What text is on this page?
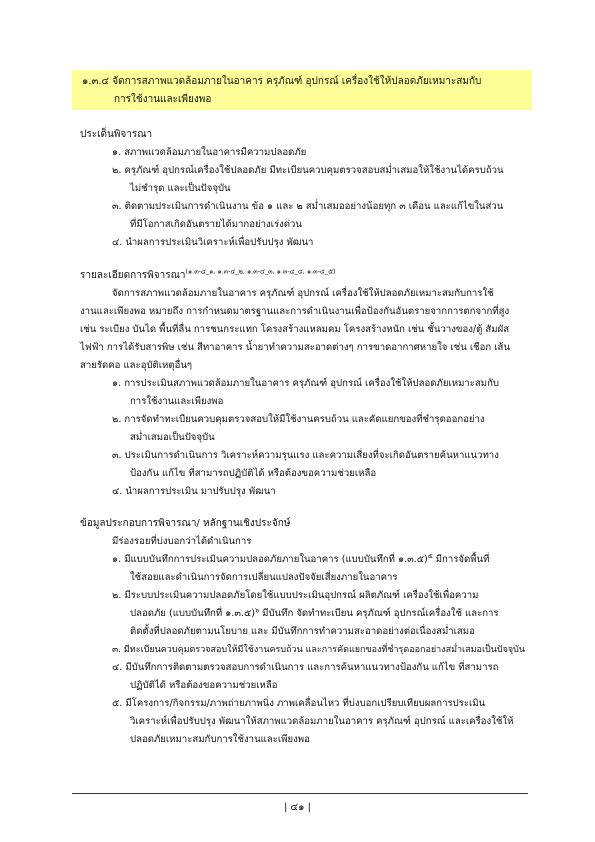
๑.๓.๔ จัดการสภาพแวดล้อมภายในอาคาร ครุภัณฑ์ อุปกรณ์ เครื่องใช้ให้ปลอดภัยเหมาะสมกับ
การใช้งานและเพียงพอ
ประเด็นพิจารณา
๑. สภาพแวดล้อมภายในอาคารมีความปลอดภัย
๒. ครุภัณฑ์ อุปกรณ์เครื่องใช้ปลอดภัย มีทะเบียนควบคุมตรวจสอบสม่ำเสมอให้ใช้งานได้ครบถ้วน
ไม่ชำรุด และเป็นปัจจุบัน
๓. ติดตามประเมินการดำเนินงาน ข้อ ๑ และ ๒ สม่ำเสมออย่างน้อยทุก ๓ เดือน และแก้ไขในส่วน
ที่มีโอกาสเกิดอันตรายได้มากอย่างเร่งด่วน
๔. นำผลการประเมินวิเคราะห์เพื่อปรับปรุง พัฒนา
รายละเอียดการพิจารณา$^{(๑.๓-๔\_๑, ๑.๓-๔\_๒, ๑.๓-๔\_๓, ๑.๓-๔\_๔, ๑.๓-๔\_๕)}$
จัดการสภาพแวดล้อมภายในอาคาร ครุภัณฑ์ อุปกรณ์ เครื่องใช้ให้ปลอดภัยเหมาะสมกับการใช้
งานและเพียงพอ หมายถึง การกำหนดมาตรฐานและการดำเนินงานเพื่อป้องกันอันตรายจากการตกจากที่สูง
เช่น ระเบียง บันได พื้นที่ลื่น การชนกระแทก โครงสร้างแหลมคม โครงสร้างหนัก เช่น ชั้นวางของ/ตู้ สัมผัส
ไฟฟ้า การได้รับสารพิษ เช่น สีทาอาคาร น้ำยาทำความสะอาดต่างๆ การขาดอากาศหายใจ เช่น เชือก เส้น
สายรัดคอ และอุบัติเหตุอื่นๆ
๑. การประเมินสภาพแวดล้อมภายในอาคาร ครุภัณฑ์ อุปกรณ์ เครื่องใช้ให้ปลอดภัยเหมาะสมกับ
การใช้งานและเพียงพอ
๒. การจัดทำทะเบียนควบคุมตรวจสอบให้มีใช้งานครบถ้วน และคัดแยกของที่ชำรุดออกอย่าง
สม่ำเสมอเป็นปัจจุบัน
๓. ประเมินการดำเนินการ วิเคราะห์ความรุนแรง และความเสี่ยงที่จะเกิดอันตรายค้นหาแนวทาง
ป้องกัน แก้ไข ที่สามารถปฏิบัติได้ หรือต้องขอความช่วยเหลือ
๔. นำผลการประเมิน มาปรับปรุง พัฒนา
ข้อมูลประกอบการพิจารณา/ หลักฐานเชิงประจักษ์
มีร่องรอยที่บ่งบอกว่าได้ดำเนินการ
๑. มีแบบบันทึกการประเมินความปลอดภัยภายในอาคาร (แบบบันทึกที่ ๑.๓.๕)$^๕$ มีการจัดพื้นที่
ใช้สอยและดำเนินการจัดการเปลี่ยนแปลงปัจจัยเสี่ยงภายในอาคาร
๒. มีระบบประเมินความปลอดภัยโดยใช้แบบประเมินอุปกรณ์ ผลิตภัณฑ์ เครื่องใช้เพื่อความ
ปลอดภัย (แบบบันทึกที่ ๑.๓.๕)$^๖$ มีบันทึก จัดทำทะเบียน ครุภัณฑ์ อุปกรณ์เครื่องใช้ และการ
ติดตั้งที่ปลอดภัยตามนโยบาย และ มีบันทึกการทำความสะอาดอย่างต่อเนื่องสม่ำเสมอ
๓. มีทะเบียนควบคุมตรวจสอบให้มีใช้งานครบถ้วน และการคัดแยกของที่ชำรุดออกอย่างสม่ำเสมอเป็นปัจจุบัน
๔. มีบันทึกการติดตามตรวจสอบการดำเนินการ และการค้นหาแนวทางป้องกัน แก้ไข ที่สามารถ
ปฏิบัติได้ หรือต้องขอความช่วยเหลือ
๕. มีโครงการ/กิจกรรม/ภาพถ่ายภาพนิ่ง ภาพเคลื่อนไหว ที่บ่งบอกเปรียบเทียบผลการประเมิน
วิเคราะห์เพื่อปรับปรุง พัฒนาให้สภาพแวดล้อมภายในอาคาร ครุภัณฑ์ อุปกรณ์ และเครื่องใช้ให้
ปลอดภัยเหมาะสมกับการใช้งานและเพียงพอ
| ๔๑ |
